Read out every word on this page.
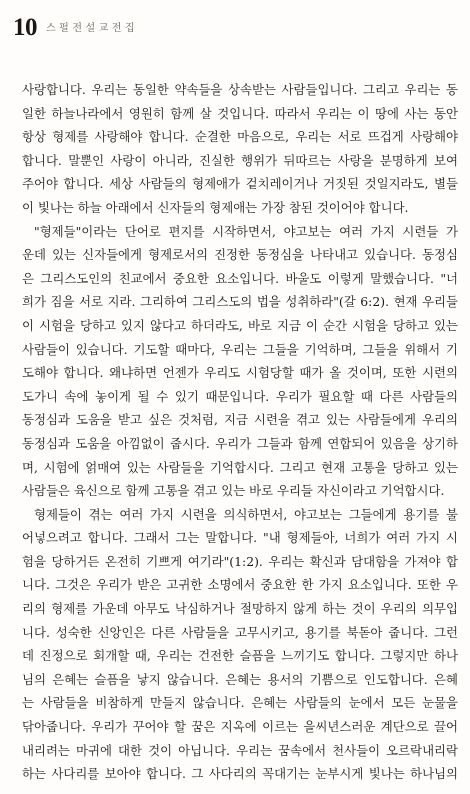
10 스펄전설교전집
사랑합니다. 우리는 동일한 약속들을 상속받는 사람들입니다. 그리고 우리는 동
일한 하늘나라에서 영원히 함께 살 것입니다. 따라서 우리는 이 땅에 사는 동안
항상 형제를 사랑해야 합니다. 순결한 마음으로, 우리는 서로 뜨겁게 사랑해야
합니다. 말뿐인 사랑이 아니라, 진실한 행위가 뒤따르는 사랑을 분명하게 보여
주어야 합니다. 세상 사람들의 형제애가 겉치레이거나 거짓된 것일지라도, 별들
이 빛나는 하늘 아래에서 신자들의 형제애는 가장 참된 것이어야 합니다.
"형제들"이라는 단어로 편지를 시작하면서, 야고보는 여러 가지 시련들 가
운데 있는 신자들에게 형제로서의 진정한 동정심을 나타내고 있습니다. 동정심
은 그리스도인의 친교에서 중요한 요소입니다. 바울도 이렇게 말했습니다. "너
희가 짐을 서로 지라. 그리하여 그리스도의 법을 성취하라"(갈 6:2). 현재 우리들
이 시험을 당하고 있지 않다고 하더라도, 바로 지금 이 순간 시험을 당하고 있는
사람들이 있습니다. 기도할 때마다, 우리는 그들을 기억하며, 그들을 위해서 기
도해야 합니다. 왜냐하면 언젠가 우리도 시험당할 때가 올 것이며, 또한 시련의
도가니 속에 놓이게 될 수 있기 때문입니다. 우리가 필요할 때 다른 사람들의
동정심과 도움을 받고 싶은 것처럼, 지금 시련을 겪고 있는 사람들에게 우리의
동정심과 도움을 아낌없이 줍시다. 우리가 그들과 함께 연합되어 있음을 상기하
며, 시험에 얽매여 있는 사람들을 기억합시다. 그리고 현재 고통을 당하고 있는
사람들은 육신으로 함께 고통을 겪고 있는 바로 우리들 자신이라고 기억합시다.
형제들이 겪는 여러 가지 시련을 의식하면서, 야고보는 그들에게 용기를 불
어넣으려고 합니다. 그래서 그는 말합니다. "내 형제들아, 너희가 여러 가지 시
험을 당하거든 온전히 기쁘게 여기라"(1:2). 우리는 확신과 담대함을 가져야 합
니다. 그것은 우리가 받은 고귀한 소명에서 중요한 한 가지 요소입니다. 또한 우
리의 형제를 가운데 아무도 낙심하거나 절망하지 않게 하는 것이 우리의 의무입
니다. 성숙한 신앙인은 다른 사람들을 고무시키고, 용기를 북돋아 줍니다. 그런
데 진정으로 회개할 때, 우리는 건전한 슬픔을 느끼기도 합니다. 그렇지만 하나
님의 은혜는 슬픔을 낳지 않습니다. 은혜는 용서의 기쁨으로 인도합니다. 은혜
는 사람들을 비참하게 만들지 않습니다. 은혜는 사람들의 눈에서 모든 눈물을
닦아줍니다. 우리가 꾸어야 할 꿈은 지옥에 이르는 을씨년스러운 계단으로 끌어
내리려는 마귀에 대한 것이 아닙니다. 우리는 꿈속에서 천사들이 오르락내리락
하는 사다리를 보아야 합니다. 그 사다리의 꼭대기는 눈부시게 빛나는 하나님의
